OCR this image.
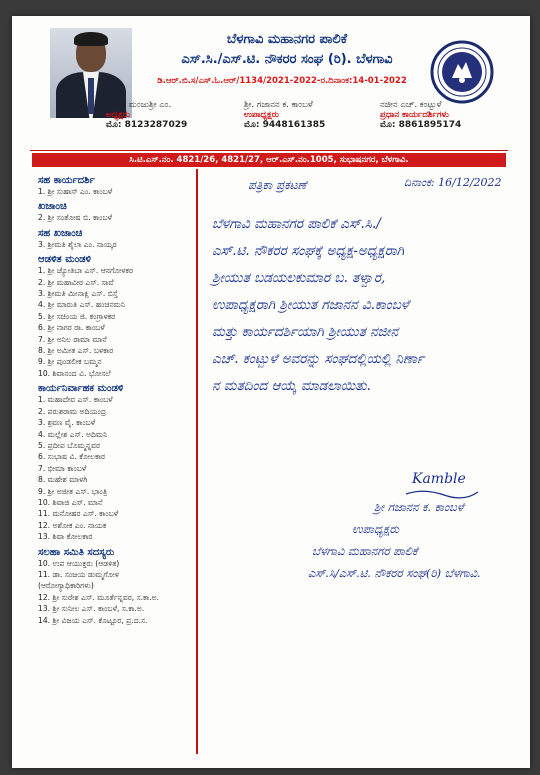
ಬೆಳಗಾವಿ ಮಹಾನಗರ ಪಾಲಿಕೆ
ಎಸ್.ಸಿ./ಎಸ್.ಟಿ. ನೌಕರರ ಸಂಘ (ರಿ). ಬೆಳಗಾವಿ
ಡಿ.ಆರ್.ಬಿ.ಸ/ಎಸ್.ಓ.ಆರ್/1134/2021-2022-ರ.ದಿನಾಂಕ:14-01-2022
ಶ್ರೀಮತಿ ಮಂಜುಶ್ರೀ ಎಂ.
ಅಧ್ಯಕ್ಷರು
ಮೊ: 8123287029
ಶ್ರೀ. ಗಜಾನನ ಕ. ಕಾಂಬಳೆ
ಉಪಾಧ್ಯಕ್ಷರು
ಮೊ: 9448161385
ನಜೀನ ಎಚ್. ಕಂಟ್ಬುಳೆ
ಪ್ರಧಾನ ಕಾರ್ಯದರ್ಶಿಗಳು
ಮೊ: 8861895174
ಸಿ.ಟಿ.ಎಸ್.ನಂ. 4821/26, 4821/27, ಆರ್.ಎಸ್.ನಂ.1005, ಸುಭಾಷನಗರ, ಬೆಳಗಾವಿ.
ಸಹ ಕಾರ್ಯದರ್ಶಿ
1. ಶ್ರೀ ಸುಹಾಸ್ ಎಂ. ಕಾಂಬಳೆ
ಖಜಾಂಚಿ
2. ಶ್ರೀ ಸಂತೋಷ ಬಿ. ಕಾಂಬಳೆ
ಸಹ ಖಜಾಂಚಿ
3. ಶ್ರೀಮತಿ ಶೈಲಾ ಎಂ. ನಾಯ್ಕರ
ಆಡಳಿತ ಮಂಡಳಿ
1. ಶ್ರೀ ಜ್ಯೋತಿಬಾ ಎಸ್. ಆನಗೋಳಕರ
2. ಶ್ರೀ ಮಹಾವೀರ ಎಸ್. ಸಾವೆ
3. ಶ್ರೀಮತಿ ಮೀನಾಕ್ಷಿ ಎಸ್. ಬಿಸ್ತೆ
4. ಶ್ರೀ ಮಾರುತಿ ಎಸ್. ಹಂಚಿನಮನಿ
5. ಶ್ರೀ ಸಚಿಂಯ ಜಿ. ಕಂಗ್ರಾಳಕರ
6. ಶ್ರೀ ನಾಗರ ರಾ. ಕಾಂಬಳೆ
7. ಶ್ರೀ ಅನಿಲ ರಾಮಾ ಮಾನೆ
8. ಶ್ರೀ ಅಮೀತ ಎಸ್. ಬಳಕಾರ
9. ಶ್ರೀ ಪುಂಡಲೀಕ ಬಮ್ಮನ
10. ಶಿವಾನಂದ ವಿ. ಭೋಸಲೆ
ಕಾರ್ಯನಿರ್ವಾಹಕ ಮಂಡಳಿ
1. ಮಹಾದೇವ ಎಸ್. ಕಾಂಬಳೆ
2. ಪರುಶರಾಮ ಅದಿಯಂದ್ರ
3. ಶ್ರವಣ ವೈ. ಕಾಂಬಳೆ
4. ಮಲ್ಲೇಶ ಎಸ್. ಅದಿಮನಿ
5. ಪ್ರದೀಪ ಬೊಮ್ಮನ್ನವರ
6. ಸುಭಾಷ ವಿ. ಕೋಲಕಾರ
7. ಭೀಮಾ ಕಾಂಬಳೆ
8. ಮಹೇಶ ಮಾಳಗಿ
9. ಶ್ರೀ ಅಜೀತ ಎಸ್. ಭಾಂತ್ರಿ
10. ಶಿವಾಜಿ ಎಸ್. ಮಾನೆ
11. ಮನೋಹರ ಎಸ್. ಕಾಂಬಳೆ
12. ಅಶೋಕ ಎಂ. ನಾಯಕ
13. ಶಿವಾ ಕೋಲಕಾರ
ಸಲಹಾ ಸಮಿತಿ ಸದಸ್ಯರು
10. ಉಪ ಆಯುಕ್ತರು (ಆಡಳಿತ)
11. ಡಾ. ಸಂಜಯ ಡುಮ್ಮಗೋಳ
(ಆರೋಗ್ಯಾಧಿಕಾರಿಗಳು)
12. ಶ್ರೀ ಸುರೇಶ ಎಸ್. ಮೂರ್ತೆನ್ನವರ, ಸ.ಕಾ.ಅ.
13. ಶ್ರೀ ಸುನೀಲ ಎಸ್. ಕಾಂಬಳೆ, ಸ.ಕಾ.ಅ.
14. ಶ್ರೀ ವಿಜಯ ಎಸ್. ಕೊಟ್ಟೂರ, ಪ್ರ.ದ.ಸ.
ಪತ್ರಿಕಾ ಪ್ರಕಟಣೆ	ದಿನಾಂಕ: 16/12/2022
ಬೆಳಗಾವಿ ಮಹಾನಗರ ಪಾಲಿಕೆ ಎಸ್.ಸಿ./
ಎಸ್.ಟಿ. ನೌಕರರ ಸಂಘಕ್ಕೆ ಅಧ್ಯಕ್ಷ-ಅಧ್ಯಕ್ಷರಾಗಿ
ಶ್ರೀಯುತ ಬಡಯಲಕುಮಾರ ಬ. ತಳ್ವಾರ,
ಉಪಾಧ್ಯಕ್ಷರಾಗಿ ಶ್ರೀಯುತ ಗಜಾನನ ವಿ.ಕಾಂಬಳೆ
ಮತ್ತು ಕಾರ್ಯದರ್ಶಿಯಾಗಿ ಶ್ರೀಯುತ ನಜೀನ
ಎಚ್. ಕಂಟ್ಬುಳೆ ಅವರನ್ನು ಸಂಘದಲ್ಲಿಯಲ್ಲಿ ನಿರ್ಣಾ
ನ ಮತದಿಂದ ಆಯ್ಕೆ ಮಾಡಲಾಯಿತು.
Kamble
ಶ್ರೀ ಗಜಾನನ ಕ. ಕಾಂಬಳೆ
ಉಪಾಧ್ಯಕ್ಷರು
ಬೆಳಗಾವಿ ಮಹಾನಗರ ಪಾಲಿಕೆ
ಎಸ್.ಸಿ/ಎಸ್.ಟಿ. ನೌಕರರ ಸಂಘ(ರಿ) ಬೆಳಗಾವಿ.
